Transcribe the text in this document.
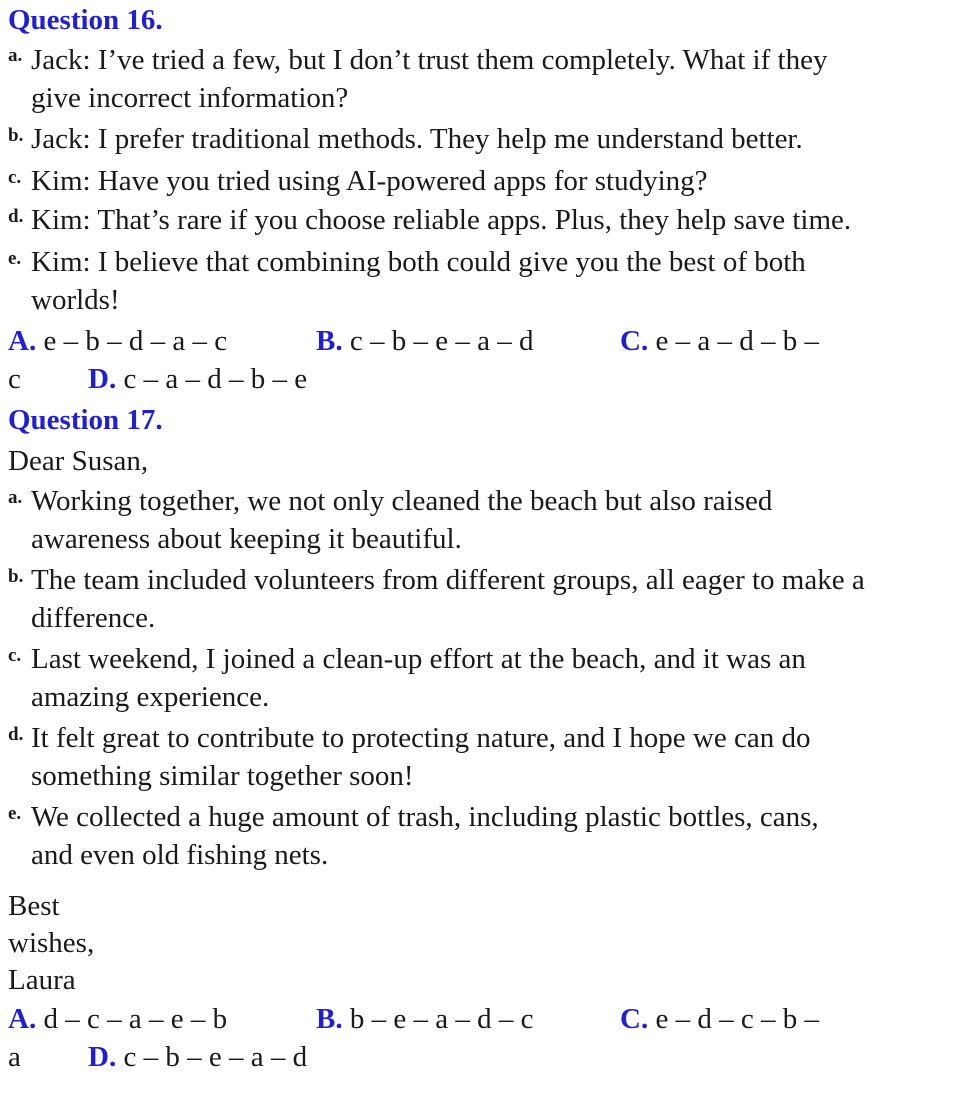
Question 16.
a. Jack: I’ve tried a few, but I don’t trust them completely. What if they
give incorrect information?
b. Jack: I prefer traditional methods. They help me understand better.
c. Kim: Have you tried using AI-powered apps for studying?
d. Kim: That’s rare if you choose reliable apps. Plus, they help save time.
e. Kim: I believe that combining both could give you the best of both
worlds!
A. e – b – d – a – c	B. c – b – e – a – d	C. e – a – d – b –
c D. c – a – d – b – e
Question 17.
Dear Susan,
a. Working together, we not only cleaned the beach but also raised
awareness about keeping it beautiful.
b. The team included volunteers from different groups, all eager to make a
difference.
c. Last weekend, I joined a clean-up effort at the beach, and it was an
amazing experience.
d. It felt great to contribute to protecting nature, and I hope we can do
something similar together soon!
e. We collected a huge amount of trash, including plastic bottles, cans,
and even old fishing nets.
Best
wishes,
Laura
A. d – c – a – e – b	B. b – e – a – d – c	C. e – d – c – b –
a D. c – b – e – a – d
